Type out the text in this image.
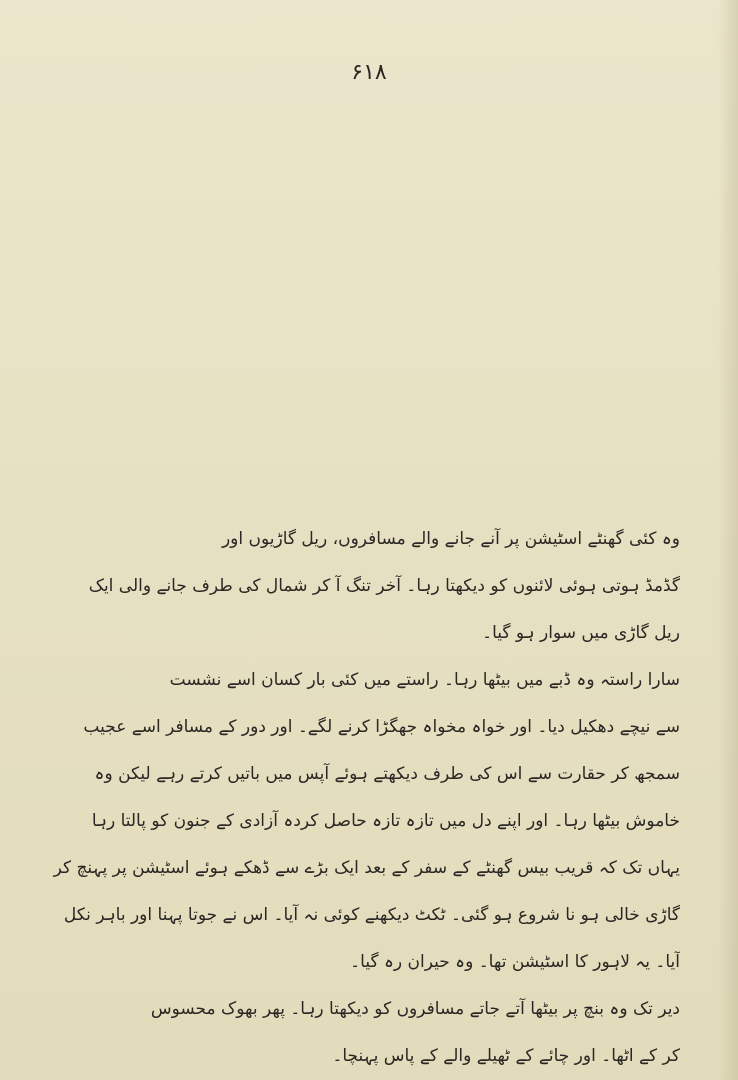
۶۱۸
وہ کئی گھنٹے اسٹیشن پر آنے جانے والے مسافروں، ریل گاڑیوں اور
گڈمڈ ہوتی ہوئی لائنوں کو دیکھتا رہا۔ آخر تنگ آ کر شمال کی طرف جانے والی ایک
ریل گاڑی میں سوار ہو گیا۔
سارا راستہ وہ ڈبے میں بیٹھا رہا۔ راستے میں کئی بار کسان اسے نشست
سے نیچے دھکیل دیا۔ اور خواہ مخواہ جھگڑا کرنے لگے۔ اور دور کے مسافر اسے عجیب
سمجھ کر حقارت سے اس کی طرف دیکھتے ہوئے آپس میں باتیں کرتے رہے لیکن وہ
خاموش بیٹھا رہا۔ اور اپنے دل میں تازہ تازہ حاصل کردہ آزادی کے جنون کو پالتا رہا
یہاں تک کہ قریب بیس گھنٹے کے سفر کے بعد ایک بڑے سے ڈھکے ہوئے اسٹیشن پر پہنچ کر
گاڑی خالی ہو نا شروع ہو گئی۔ ٹکٹ دیکھنے کوئی نہ آیا۔ اس نے جوتا پہنا اور باہر نکل
آیا۔ یہ لاہور کا اسٹیشن تھا۔ وہ حیران رہ گیا۔
دیر تک وہ بنچ پر بیٹھا آتے جاتے مسافروں کو دیکھتا رہا۔ پھر بھوک محسوس
کر کے اٹھا۔ اور چائے کے ٹھیلے والے کے پاس پہنچا۔
